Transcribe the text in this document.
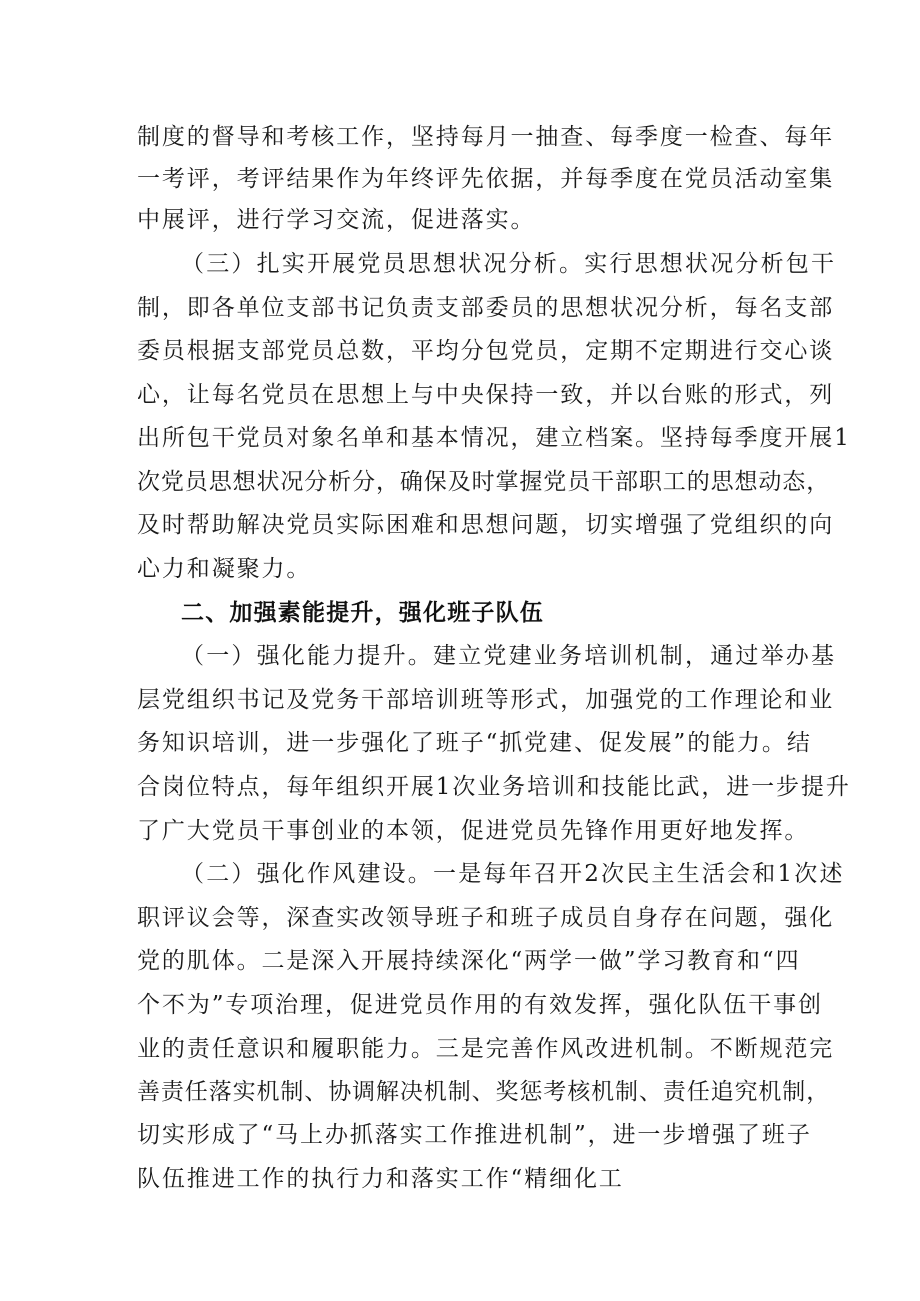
制度的督导和考核工作，坚持每月一抽查、每季度一检查、每年
一考评，考评结果作为年终评先依据，并每季度在党员活动室集
中展评，进行学习交流，促进落实。
（三）扎实开展党员思想状况分析。实行思想状况分析包干
制，即各单位支部书记负责支部委员的思想状况分析，每名支部
委员根据支部党员总数，平均分包党员，定期不定期进行交心谈
心，让每名党员在思想上与中央保持一致，并以台账的形式，列
出所包干党员对象名单和基本情况，建立档案。坚持每季度开展1
次党员思想状况分析分，确保及时掌握党员干部职工的思想动态，
及时帮助解决党员实际困难和思想问题，切实增强了党组织的向
心力和凝聚力。
二、加强素能提升，强化班子队伍
（一）强化能力提升。建立党建业务培训机制，通过举办基
层党组织书记及党务干部培训班等形式，加强党的工作理论和业
务知识培训，进一步强化了班子“抓党建、促发展”的能力。结
合岗位特点，每年组织开展1次业务培训和技能比武，进一步提升
了广大党员干事创业的本领，促进党员先锋作用更好地发挥。
（二）强化作风建设。一是每年召开2次民主生活会和1次述
职评议会等，深查实改领导班子和班子成员自身存在问题，强化
党的肌体。二是深入开展持续深化“两学一做”学习教育和“四
个不为”专项治理，促进党员作用的有效发挥，强化队伍干事创
业的责任意识和履职能力。三是完善作风改进机制。不断规范完
善责任落实机制、协调解决机制、奖惩考核机制、责任追究机制，
切实形成了“马上办抓落实工作推进机制”，进一步增强了班子
队伍推进工作的执行力和落实工作“精细化工
